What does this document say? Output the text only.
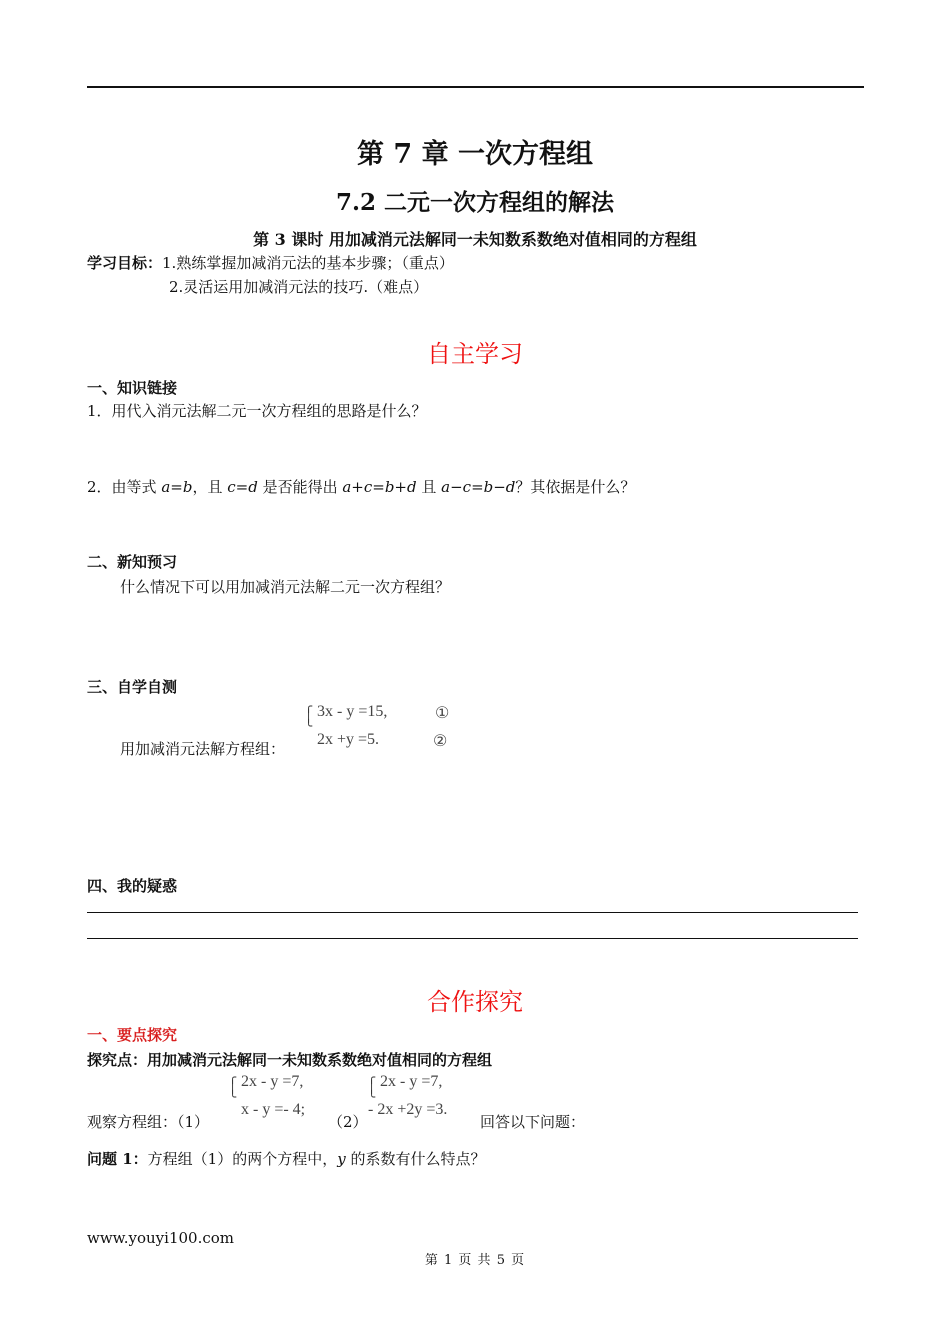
第 7 章 一次方程组
7.2 二元一次方程组的解法
第 3 课时 用加减消元法解同一未知数系数绝对值相同的方程组
学习目标：1.熟练掌握加减消元法的基本步骤；（重点）
2.灵活运用加减消元法的技巧.（难点）
自主学习
一、知识链接
1．用代入消元法解二元一次方程组的思路是什么？
2．由等式 a=b，且 c=d 是否能得出 a+c=b+d 且 a−c=b−d？其依据是什么？
二、新知预习
什么情况下可以用加减消元法解二元一次方程组？
三、自学自测
用加减消元法解方程组：
╭
│
╰
3x - y =15,	①
2x +y =5.	②
四、我的疑惑
合作探究
一、要点探究
探究点：用加减消元法解同一未知数系数绝对值相同的方程组
观察方程组：（1）
╭
│
╰
2x - y =7,
x - y =- 4;
（2）
╭
│
╰
2x - y =7,
- 2x +2y =3.
回答以下问题：
问题 1：方程组（1）的两个方程中，y 的系数有什么特点？
www.youyi100.com
第 1 页 共 5 页
